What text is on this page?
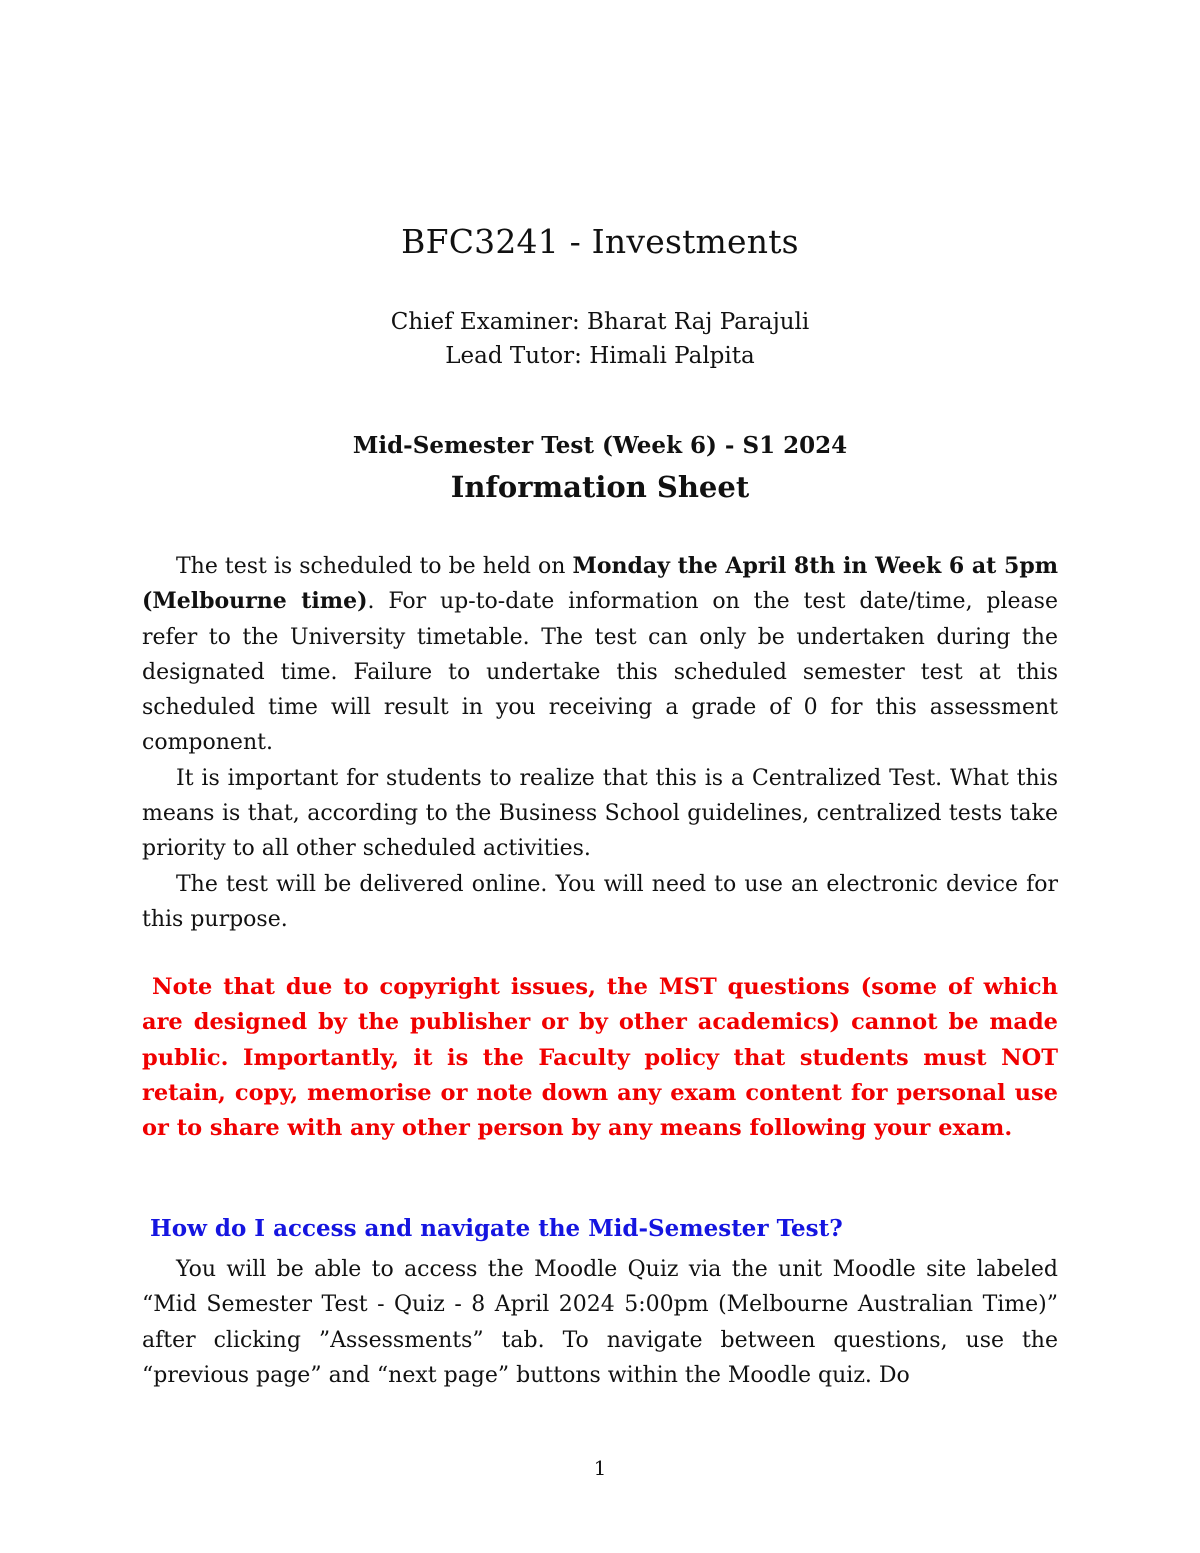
BFC3241 - Investments
Chief Examiner: Bharat Raj Parajuli
Lead Tutor: Himali Palpita
Mid-Semester Test (Week 6) - S1 2024
Information Sheet

The test is scheduled to be held on Monday the April 8th in Week 6 at 5pm (Melbourne time). For up-to-date information on the test date/time, please refer to the University timetable. The test can only be undertaken during the designated time. Failure to undertake this scheduled semester test at this scheduled time will result in you receiving a grade of 0 for this assessment component.

It is important for students to realize that this is a Centralized Test. What this means is that, according to the Business School guidelines, centralized tests take priority to all other scheduled activities.

The test will be delivered online. You will need to use an electronic device for this purpose.

Note that due to copyright issues, the MST questions (some of which are designed by the publisher or by other academics) cannot be made public. Importantly, it is the Faculty policy that students must NOT retain, copy, memorise or note down any exam content for personal use or to share with any other person by any means following your exam.

How do I access and navigate the Mid-Semester Test?

You will be able to access the Moodle Quiz via the unit Moodle site labeled “Mid Semester Test - Quiz - 8 April 2024 5:00pm (Melbourne Australian Time)” after clicking ”Assessments” tab. To navigate between questions, use the “previous page” and “next page” buttons within the Moodle quiz. Do

1
